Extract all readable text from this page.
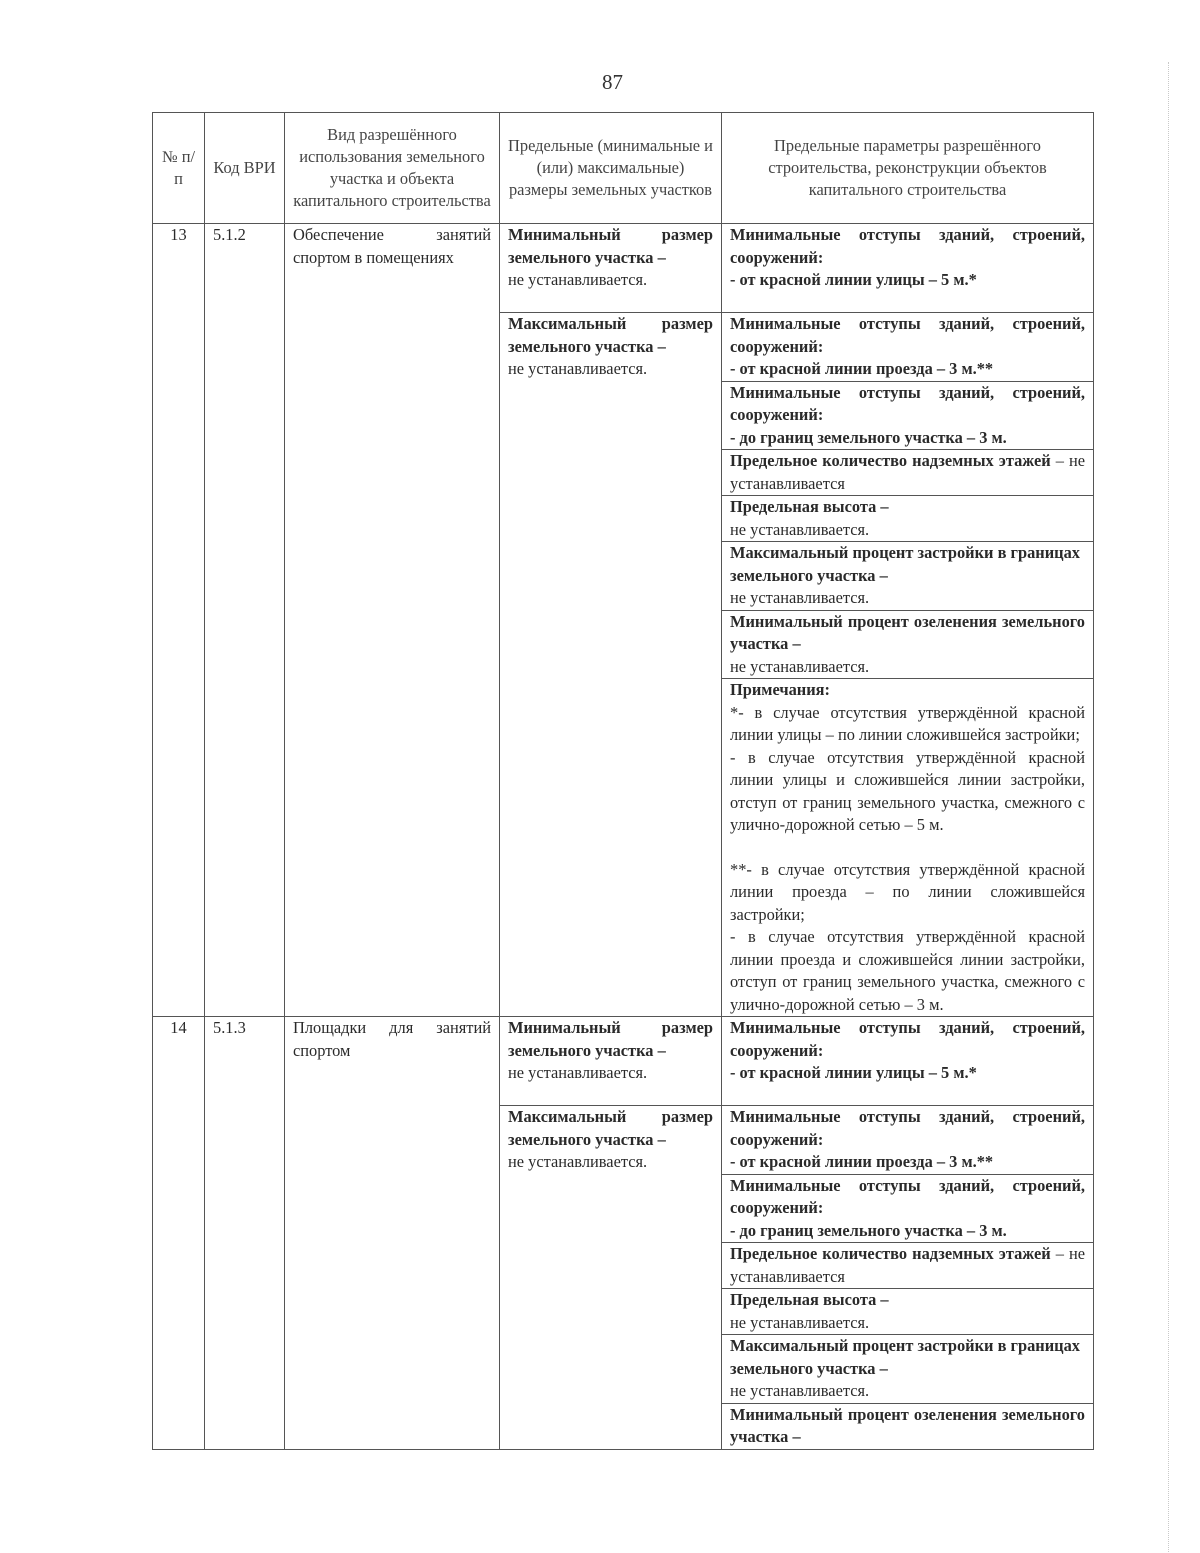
87
№ п/п	Код ВРИ	Вид разрешённого использования земельного участка и объекта капитального строительства	Предельные (минимальные и (или) максимальные) размеры земельных участков	Предельные параметры разрешённого строительства, реконструкции объектов капитального строительства
13	5.1.2	Обеспечение занятий спортом в помещениях	Минимальный размер земельного участка –
не устанавливается.	Минимальные отступы зданий, строений, сооружений:
- от красной линии улицы – 5 м.*

			Максимальный размер земельного участка –
не устанавливается.	Минимальные отступы зданий, строений, сооружений:
- от красной линии проезда – 3 м.**

				Минимальные отступы зданий, строений, сооружений:
- до границ земельного участка – 3 м.

				Предельное количество надземных этажей – не устанавливается

				Предельная высота –
не устанавливается.

				Максимальный процент застройки в границах земельного участка –
не устанавливается.

				Минимальный процент озеленения земельного участка –
не устанавливается.

				Примечания:
*- в случае отсутствия утверждённой красной линии улицы – по линии сложившейся застройки;
- в случае отсутствия утверждённой красной линии улицы и сложившейся линии застройки, отступ от границ земельного участка, смежного с улично-дорожной сетью – 5 м.
**- в случае отсутствия утверждённой красной линии проезда – по линии сложившейся застройки;
- в случае отсутствия утверждённой красной линии проезда и сложившейся линии застройки, отступ от границ земельного участка, смежного с улично-дорожной сетью – 3 м.

14	5.1.3	Площадки для занятий спортом	Минимальный размер земельного участка –
не устанавливается.	Минимальные отступы зданий, строений, сооружений:
- от красной линии улицы – 5 м.*

			Максимальный размер земельного участка –
не устанавливается.	Минимальные отступы зданий, строений, сооружений:
- от красной линии проезда – 3 м.**

				Минимальные отступы зданий, строений, сооружений:
- до границ земельного участка – 3 м.

				Предельное количество надземных этажей – не устанавливается

				Предельная высота –
не устанавливается.

				Максимальный процент застройки в границах земельного участка –
не устанавливается.

				Минимальный процент озеленения земельного участка –
